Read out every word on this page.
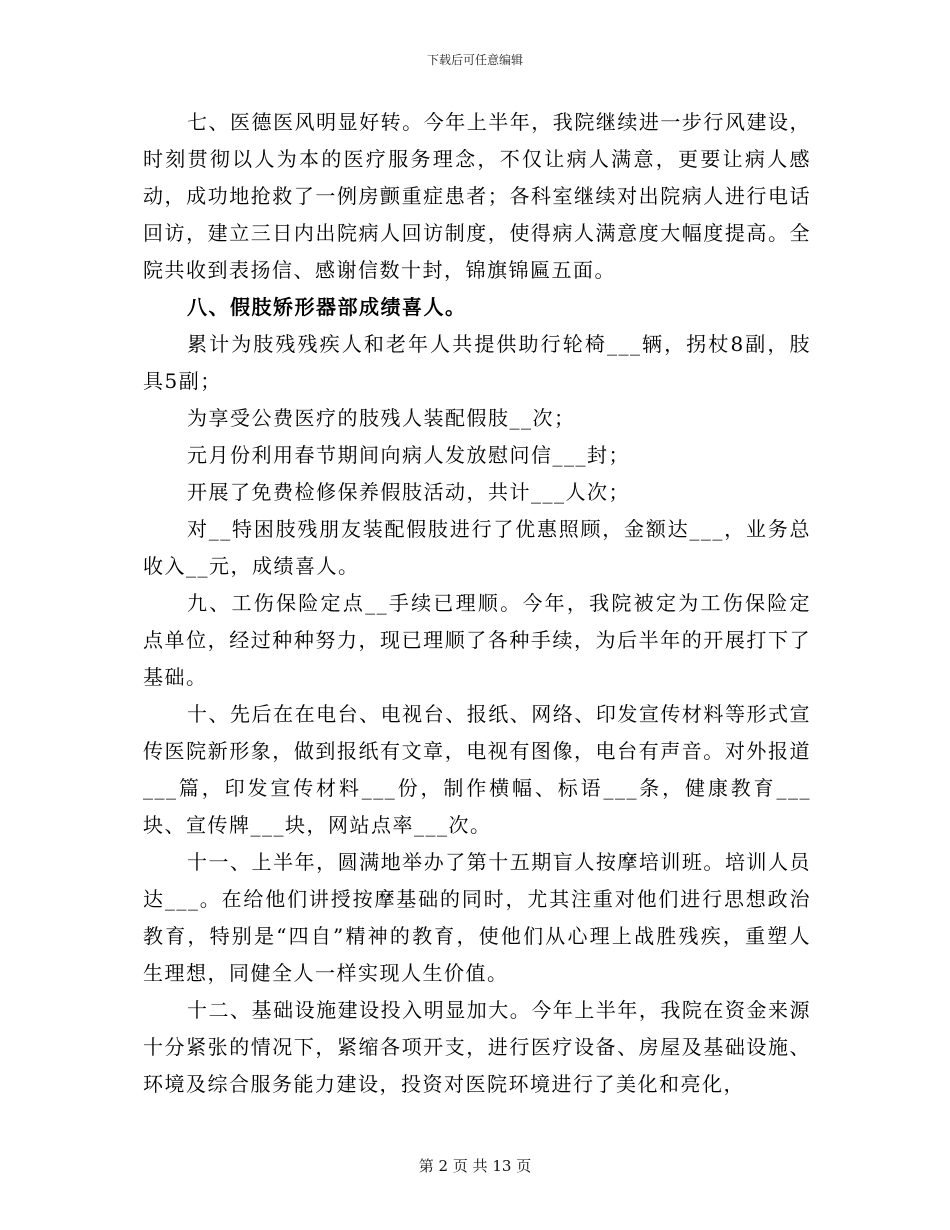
下载后可任意编辑

七、医德医风明显好转。今年上半年，我院继续进一步行风建设，时刻贯彻以人为本的医疗服务理念，不仅让病人满意，更要让病人感动，成功地抢救了一例房颤重症患者；各科室继续对出院病人进行电话回访，建立三日内出院病人回访制度，使得病人满意度大幅度提高。全院共收到表扬信、感谢信数十封，锦旗锦匾五面。

八、假肢矫形器部成绩喜人。

累计为肢残残疾人和老年人共提供助行轮椅___辆，拐杖8副，肢具5副；

为享受公费医疗的肢残人装配假肢__次；

元月份利用春节期间向病人发放慰问信___封；

开展了免费检修保养假肢活动，共计___人次；

对__特困肢残朋友装配假肢进行了优惠照顾，金额达___，业务总收入__元，成绩喜人。

九、工伤保险定点__手续已理顺。今年，我院被定为工伤保险定点单位，经过种种努力，现已理顺了各种手续，为后半年的开展打下了基础。

十、先后在在电台、电视台、报纸、网络、印发宣传材料等形式宣传医院新形象，做到报纸有文章，电视有图像，电台有声音。对外报道___篇，印发宣传材料___份，制作横幅、标语___条，健康教育___块、宣传牌___块，网站点率___次。

十一、上半年，圆满地举办了第十五期盲人按摩培训班。培训人员达___。在给他们讲授按摩基础的同时，尤其注重对他们进行思想政治教育，特别是“四自”精神的教育，使他们从心理上战胜残疾，重塑人生理想，同健全人一样实现人生价值。

十二、基础设施建设投入明显加大。今年上半年，我院在资金来源十分紧张的情况下，紧缩各项开支，进行医疗设备、房屋及基础设施、环境及综合服务能力建设，投资对医院环境进行了美化和亮化，

第 2 页 共 13 页
